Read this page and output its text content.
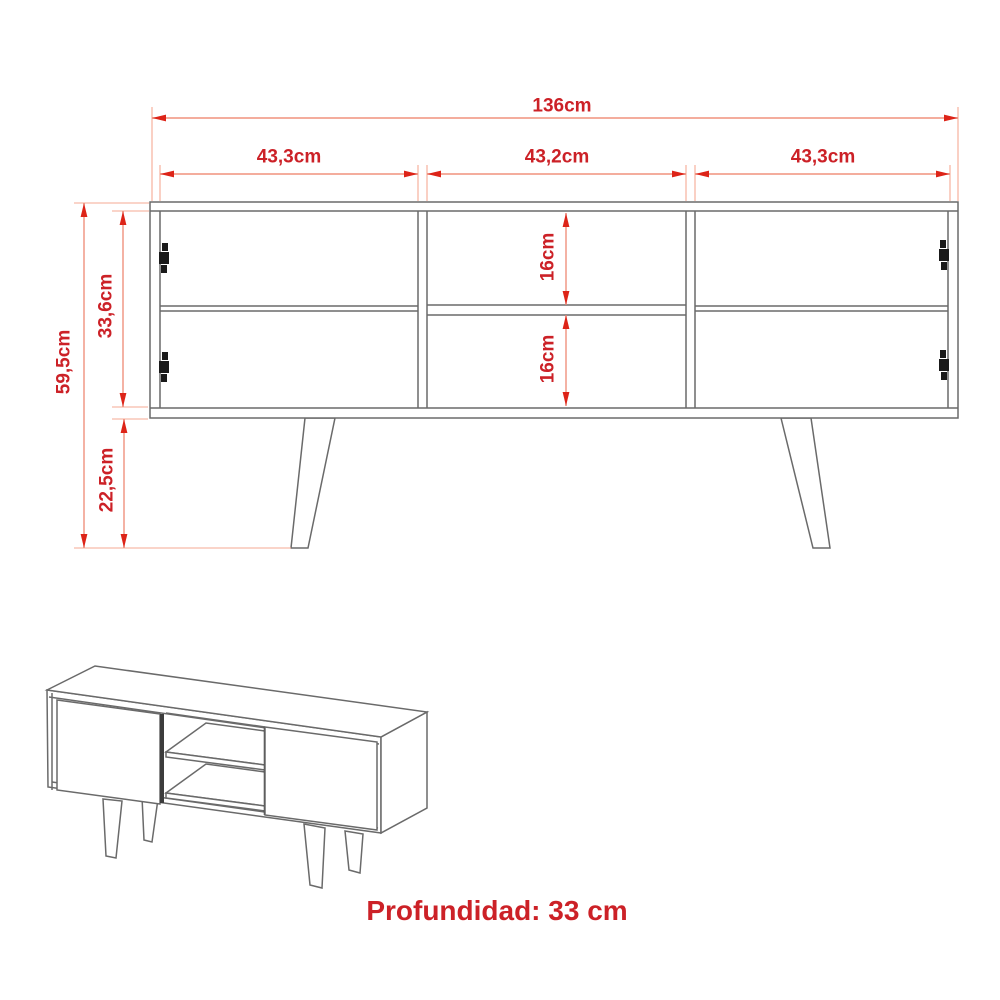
136cm
43,3cm	43,2cm	43,3cm
59,5cm
33,6cm
22,5cm
16cm
16cm
Profundidad: 33 cm
